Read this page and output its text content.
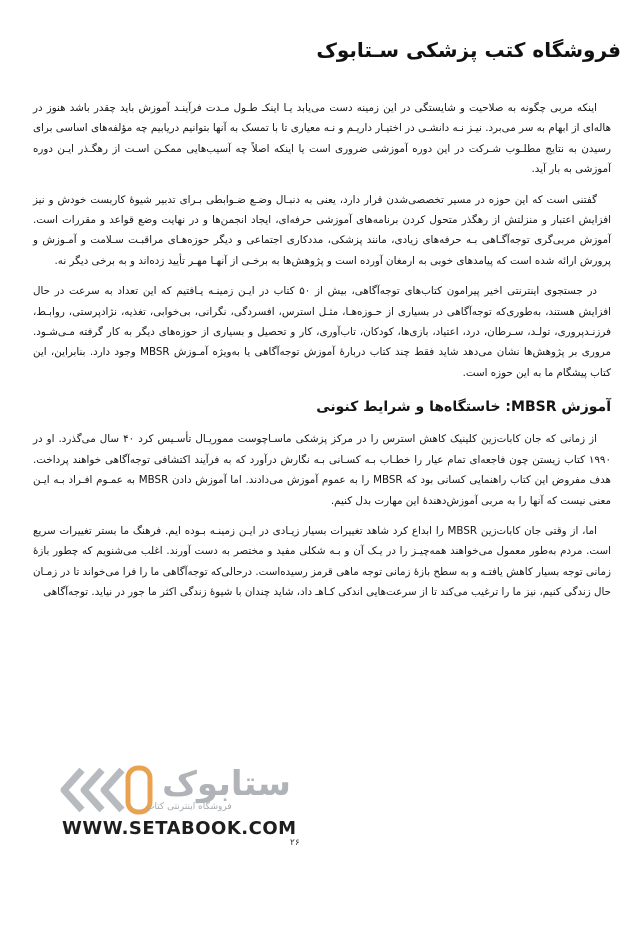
فروشگاه کتب پزشکی سـتابوک

اینکه مربی چگونه به صلاحیت و شایستگی در این زمینه دست می‌یابد یـا اینکـ طـول مـدت فرآینـد آموزش باید چقدر باشد هنوز در هاله‌ای از ابهام به سر می‌برد. نیـز نـه دانشـی در اختیـار داریـم و نـه معیاری تا با تمسک به آنها بتوانیم دریابیم چه مؤلفه‌های اساسی برای رسیدن به نتایج مطلـوب شـرکت در این دوره آموزشی ضروری است یا اینکه اصلاً چه آسیب‌هایی ممکـن اسـت از رهگـذر ایـن دوره آموزشی به بار آید.

گفتنی است که این حوزه در مسیر تخصصی‌شدن قرار دارد، یعنی به دنبـال وضـع ضـوابطی بـرای تدبیر شیوهٔ کاربست خودش و نیز افزایش اعتبار و منزلتش از رهگذر متحول کردن برنامه‌های آموزشی حرفه‌ای، ایجاد انجمن‌ها و در نهایت وضع قواعد و مقررات است. آموزش مربی‌گری توجه‌آگـاهی بـه حرفه‌های زیادی، مانند پزشکی، مددکاری اجتماعی و دیگر حوزه‌هـای مراقبـت سـلامت و آمـوزش و پرورش ارائه شده است که پیامدهای خوبی به ارمغان آورده است و پژوهش‌ها به برخـی از آنهـا مهـر تأیید زده‌اند و به برخی دیگر نه.

در جستجوی اینترنتی اخیر پیرامون کتاب‌های توجه‌آگاهی، بیش از ۵۰ کتاب در ایـن زمینـه یـافتیم که این تعداد به سرعت در حال افزایش هستند، به‌طوری‌که توجه‌آگاهی در بسیاری از حـوزه‌هـا، مثـل استرس، افسردگی، نگرانی، بی‌خوابی، تغذیه، نژادپرستی، روابـط، فرزنـدپروری، تولـد، سـرطان، درد، اعتیاد، بازی‌ها، کودکان، تاب‌آوری، کار و تحصیل و بسیاری از حوزه‌های دیگر به کار گرفته مـی‌شـود. مروری بر پژوهش‌ها نشان می‌دهد شاید فقط چند کتاب دربارهٔ آموزش توجه‌آگاهی یا به‌ویژه آمـوزش MBSR وجود دارد. بنابراین، این کتاب پیشگام ما به این حوزه است.

آموزش MBSR: خاستگاه‌ها و شرایط کنونی

از زمانی که جان کابات‌زین کلینیک کاهش استرس را در مرکز پزشکی ماسـاچوست مموریـال تأسـیس کرد ۴۰ سال می‌گذرد. او در ۱۹۹۰ کتاب زیستن چون فاجعه‌ای تمام عیار را خطـاب بـه کسـانی بـه نگارش درآورد که به فرآیند اکتشافی توجه‌آگاهی خواهند پرداخت. هدف مفروض این کتاب راهنمایی کسانی بود که MBSR را به عموم آموزش می‌دادند. اما آموزش دادن MBSR به عمـوم افـراد بـه ایـن معنی نیست که آنها را به مربی آموزش‌دهندهٔ این مهارت بدل کنیم.

اما، از وقتی جان کابات‌زین MBSR را ابداع کرد شاهد تغییرات بسیار زیـادی در ایـن زمینـه بـوده‌ ایم. فرهنگ ما بستر تغییرات سریع است. مردم به‌طور معمول می‌خواهند همه‌چیـز را در یـک آن و بـه شکلی مفید و مختصر به دست آورند. اغلب می‌شنویم که چطور بازهٔ زمانی توجه بسیار کاهش یافتـه و به سطح بازهٔ زمانی توجه ماهی قرمز رسیده‌است. درحالی‌که توجه‌آگاهی ما را فرا می‌خواند تا در زمـان حال زندگی کنیم، نیز ما را ترغیب می‌کند تا از سرعت‌هایی اندکی کـاهـ داد، شاید چندان با شیوهٔ زندگی اکثر ما جور در نیاید. توجه‌آگاهی

ستابوک
فروشگاه اینترنتی کتاب
WWW.SETABOOK.COM
۲۶
